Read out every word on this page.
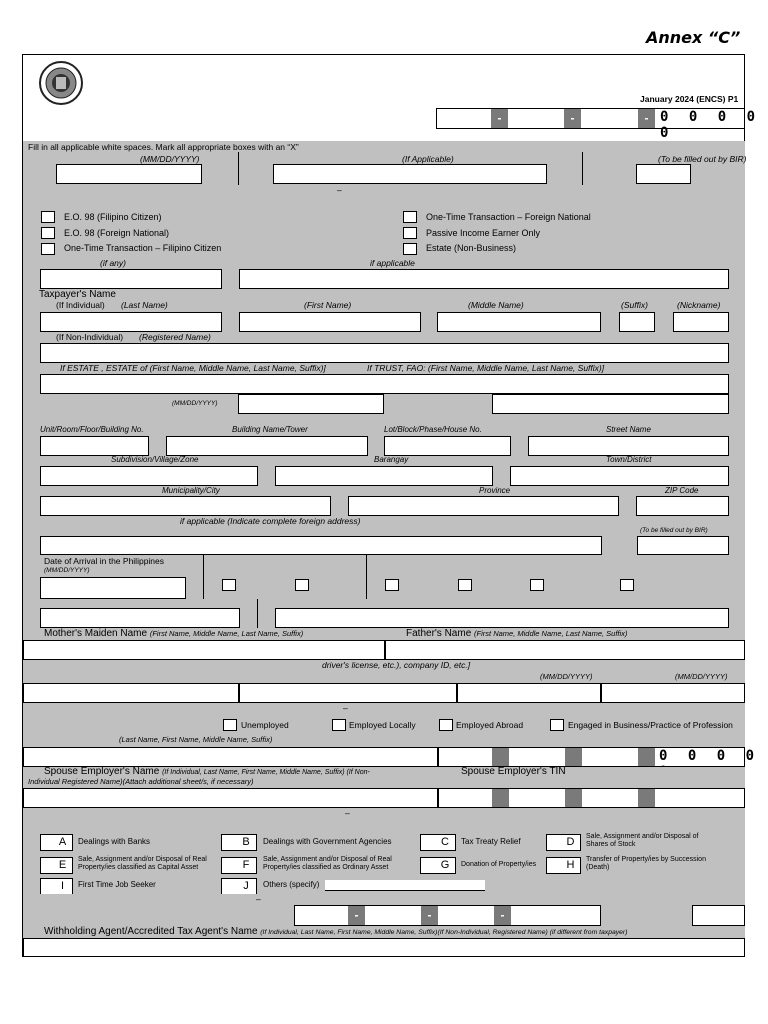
Annex “C”
January 2024 (ENCS) P1
-	-	- 0 0 0 0 0
Fill in all applicable white spaces. Mark all appropriate boxes with an “X”
(MM/DD/YYYY)	(If Applicable)	(To be filled out by BIR)
–
E.O. 98 (Filipino Citizen)
E.O. 98 (Foreign National)
One-Time Transaction – Filipino Citizen
One-Time Transaction – Foreign National
Passive Income Earner Only
Estate (Non-Business)
(if any)	if applicable
Taxpayer's Name
(If Individual) (Last Name)	(First Name)	(Middle Name)	(Suffix)	(Nickname)
(If Non-Individual) (Registered Name)
If ESTATE , ESTATE of (First Name, Middle Name, Last Name, Suffix)]	If TRUST, FAO: (First Name, Middle Name, Last Name, Suffix)]
(MM/DD/YYYY)
Unit/Room/Floor/Building No.	Building Name/Tower	Lot/Block/Phase/House No.	Street Name
Subdivision/Village/Zone	Barangay	Town/District
Municipality/City	Province	ZIP Code
if applicable (Indicate complete foreign address)
(To be filled out by BIR)
Date of Arrival in the Philippines
(MM/DD/YYYY)
Mother's Maiden Name (First Name, Middle Name, Last Name, Suffix)	Father's Name (First Name, Middle Name, Last Name, Suffix)
driver's license, etc.), company ID, etc.]
(MM/DD/YYYY)	(MM/DD/YYYY)
–
Unemployed	Employed Locally	Employed Abroad	Engaged in Business/Practice of Profession
(Last Name, First Name, Middle Name, Suffix)
0 0 0 0
Spouse Employer's Name (If Individual, Last Name, First Name, Middle Name, Suffix) (If Non-
Individual Registered Name)(Attach additional sheet/s, if necessary)
Spouse Employer's TIN
–
A	Dealings with Banks	B	Dealings with Government Agencies	C	Tax Treaty Relief	D	Sale, Assignment and/or Disposal of Shares of Stock
E	Sale, Assignment and/or Disposal of Real Property/ies classified as Capital Asset	F	Sale, Assignment and/or Disposal of Real Property/ies classified as Ordinary Asset	G	Donation of Property/ies	H	Transfer of Property/ies by Succession (Death)
I	First Time Job Seeker	J	Others (specify)
–
-	-	-
Withholding Agent/Accredited Tax Agent's Name (If Individual, Last Name, First Name, Middle Name, Suffix)(If Non-Individual, Registered Name) (if different from taxpayer)
